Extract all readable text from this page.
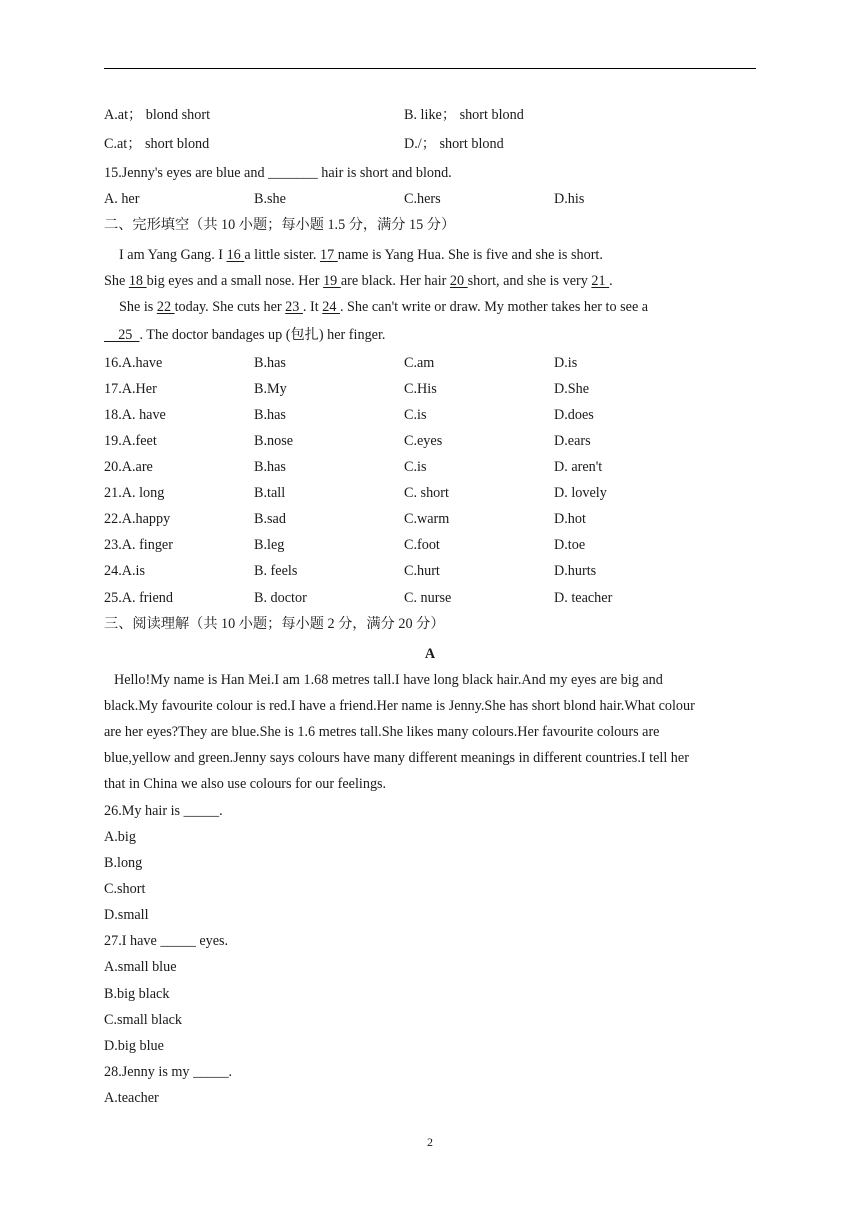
A.at； blond short	B. like； short blond
C.at； short blond	D./； short blond
15.Jenny's eyes are blue and _______ hair is short and blond.
A. her	B.she	C.hers	D.his
二、完形填空（共 10 小题；每小题 1.5 分，满分 15 分）
I am Yang Gang. I 16 a little sister. 17 name is Yang Hua. She is five and she is short.
She 18 big eyes and a small nose. Her 19 are black. Her hair 20 short, and she is very 21 .
She is 22 today. She cuts her 23 . It 24 . She can't write or draw. My mother takes her to see a
25  . The doctor bandages up (包扎) her finger.
16.A.have	B.has	C.am	D.is
17.A.Her	B.My	C.His	D.She
18.A. have	B.has	C.is	D.does
19.A.feet	B.nose	C.eyes	D.ears
20.A.are	B.has	C.is	D. aren't
21.A. long	B.tall	C. short	D. lovely
22.A.happy	B.sad	C.warm	D.hot
23.A. finger	B.leg	C.foot	D.toe
24.A.is	B. feels	C.hurt	D.hurts
25.A. friend	B. doctor	C. nurse	D. teacher
三、阅读理解（共 10 小题；每小题 2 分，满分 20 分）
A
Hello!My name is Han Mei.I am 1.68 metres tall.I have long black hair.And my eyes are big and
black.My favourite colour is red.I have a friend.Her name is Jenny.She has short blond hair.What colour
are her eyes?They are blue.She is 1.6 metres tall.She likes many colours.Her favourite colours are
blue,yellow and green.Jenny says colours have many different meanings in different countries.I tell her
that in China we also use colours for our feelings.
26.My hair is _____.
A.big
B.long
C.short
D.small
27.I have _____ eyes.
A.small blue
B.big black
C.small black
D.big blue
28.Jenny is my _____.
A.teacher
2
